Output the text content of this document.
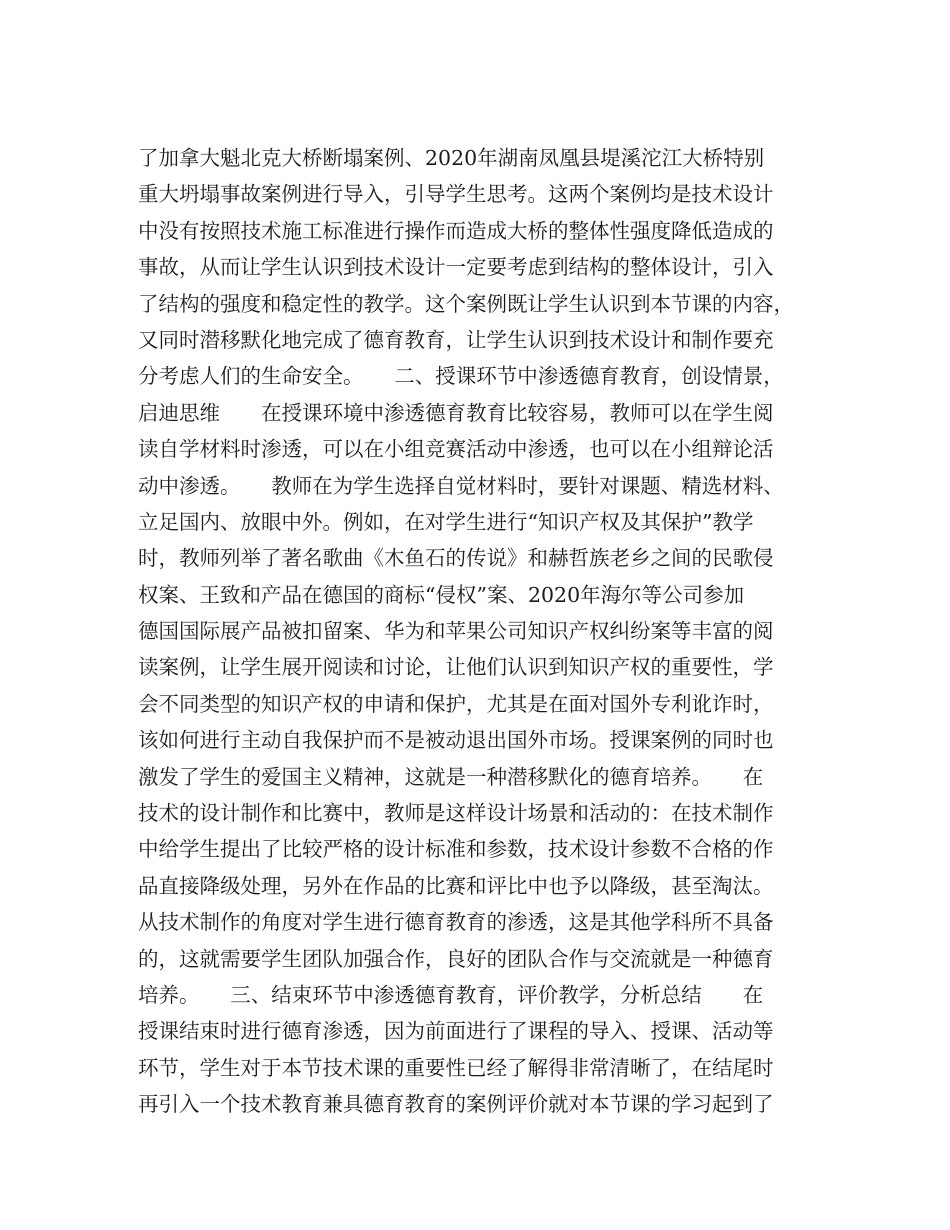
了加拿大魁北克大桥断塌案例、2020年湖南凤凰县堤溪沱江大桥特别
重大坍塌事故案例进行导入，引导学生思考。这两个案例均是技术设计
中没有按照技术施工标准进行操作而造成大桥的整体性强度降低造成的
事故，从而让学生认识到技术设计一定要考虑到结构的整体设计，引入
了结构的强度和稳定性的教学。这个案例既让学生认识到本节课的内容，
又同时潜移默化地完成了德育教育，让学生认识到技术设计和制作要充
分考虑人们的生命安全。　　二、授课环节中渗透德育教育，创设情景，
启迪思维　　在授课环境中渗透德育教育比较容易，教师可以在学生阅
读自学材料时渗透，可以在小组竞赛活动中渗透，也可以在小组辩论活
动中渗透。　　教师在为学生选择自觉材料时，要针对课题、精选材料、
立足国内、放眼中外。例如，在对学生进行“知识产权及其保护”教学
时，教师列举了著名歌曲《木鱼石的传说》和赫哲族老乡之间的民歌侵
权案、王致和产品在德国的商标“侵权”案、2020年海尔等公司参加
德国国际展产品被扣留案、华为和苹果公司知识产权纠纷案等丰富的阅
读案例，让学生展开阅读和讨论，让他们认识到知识产权的重要性，学
会不同类型的知识产权的申请和保护，尤其是在面对国外专利讹诈时，
该如何进行主动自我保护而不是被动退出国外市场。授课案例的同时也
激发了学生的爱国主义精神，这就是一种潜移默化的德育培养。　　在
技术的设计制作和比赛中，教师是这样设计场景和活动的：在技术制作
中给学生提出了比较严格的设计标准和参数，技术设计参数不合格的作
品直接降级处理，另外在作品的比赛和评比中也予以降级，甚至淘汰。
从技术制作的角度对学生进行德育教育的渗透，这是其他学科所不具备
的，这就需要学生团队加强合作，良好的团队合作与交流就是一种德育
培养。　　三、结束环节中渗透德育教育，评价教学，分析总结　　在
授课结束时进行德育渗透，因为前面进行了课程的导入、授课、活动等
环节，学生对于本节技术课的重要性已经了解得非常清晰了，在结尾时
再引入一个技术教育兼具德育教育的案例评价就对本节课的学习起到了
